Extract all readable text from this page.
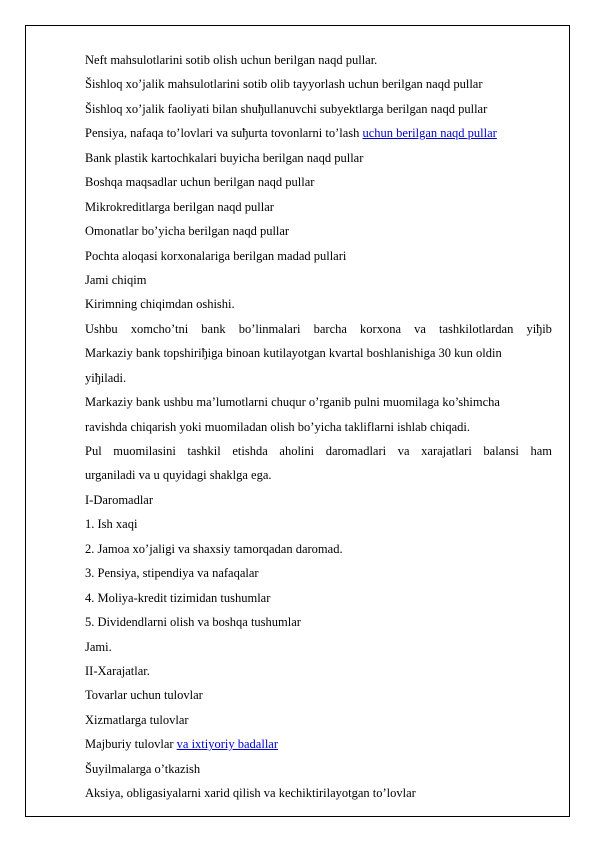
Neft mahsulotlarini sotib olish uchun berilgan naqd pullar.
Šishloq xo’jalik mahsulotlarini sotib olib tayyorlash uchun berilgan naqd pullar
Šishloq xo’jalik faoliyati bilan shuђullanuvchi subyektlarga berilgan naqd pullar
Pensiya, nafaqa to’lovlari va suђurta tovonlarni to’lash uchun berilgan naqd pullar
Bank plastik kartochkalari buyicha berilgan naqd pullar
Boshqa maqsadlar uchun berilgan naqd pullar
Mikrokreditlarga berilgan naqd pullar
Omonatlar bo’yicha berilgan naqd pullar
Pochta aloqasi korxonalariga berilgan madad pullari
Jami chiqim
Kirimning chiqimdan oshishi.
Ushbu xomcho’tni bank bo’linmalari barcha korxona va tashkilotlardan yiђib
Markaziy bank topshiriђiga binoan kutilayotgan kvartal boshlanishiga 30 kun oldin
yiђiladi.
Markaziy bank ushbu ma’lumotlarni chuqur o’rganib pulni muomilaga ko’shimcha
ravishda chiqarish yoki muomiladan olish bo’yicha takliflarni ishlab chiqadi.
Pul muomilasini tashkil etishda aholini daromadlari va xarajatlari balansi ham
urganiladi va u quyidagi shaklga ega.
I-Daromadlar
1. Ish xaqi
2. Jamoa xo’jaligi va shaxsiy tamorqadan daromad.
3. Pensiya, stipendiya va nafaqalar
4. Moliya-kredit tizimidan tushumlar
5. Dividendlarni olish va boshqa tushumlar
Jami.
II-Xarajatlar.
Tovarlar uchun tulovlar
Xizmatlarga tulovlar
Majburiy tulovlar va ixtiyoriy badallar
Šuyilmalarga o’tkazish
Aksiya, obligasiyalarni xarid qilish va kechiktirilayotgan to’lovlar
